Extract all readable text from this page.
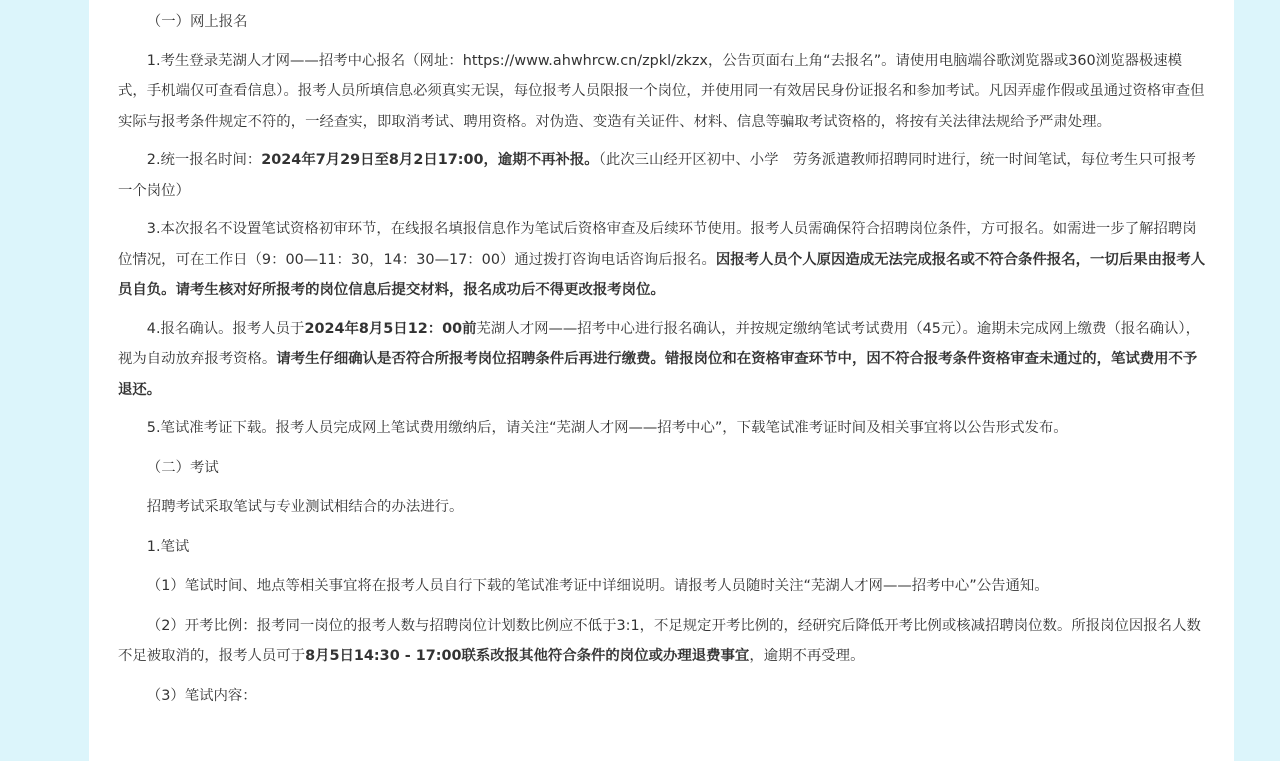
（一）网上报名

1.考生登录芜湖人才网——招考中心报名（网址：https://www.ahwhrcw.cn/zpkl/zkzx，公告页面右上角“去报名”。请使用电脑端谷歌浏览器或360浏览器极速模式，手机端仅可查看信息）。报考人员所填信息必须真实无误，每位报考人员限报一个岗位，并使用同一有效居民身份证报名和参加考试。凡因弄虚作假或虽通过资格审查但实际与报考条件规定不符的，一经查实，即取消考试、聘用资格。对伪造、变造有关证件、材料、信息等骗取考试资格的，将按有关法律法规给予严肃处理。

2.统一报名时间：2024年7月29日至8月2日17:00，逾期不再补报。（此次三山经开区初中、小学　劳务派遣教师招聘同时进行，统一时间笔试，每位考生只可报考一个岗位）

3.本次报名不设置笔试资格初审环节，在线报名填报信息作为笔试后资格审查及后续环节使用。报考人员需确保符合招聘岗位条件，方可报名。如需进一步了解招聘岗位情况，可在工作日（9：00—11：30，14：30—17：00）通过拨打咨询电话咨询后报名。因报考人员个人原因造成无法完成报名或不符合条件报名，一切后果由报考人员自负。请考生核对好所报考的岗位信息后提交材料，报名成功后不得更改报考岗位。

4.报名确认。报考人员于2024年8月5日12：00前芜湖人才网——招考中心进行报名确认，并按规定缴纳笔试考试费用（45元）。逾期未完成网上缴费（报名确认），视为自动放弃报考资格。请考生仔细确认是否符合所报考岗位招聘条件后再进行缴费。错报岗位和在资格审查环节中，因不符合报考条件资格审查未通过的，笔试费用不予退还。

5.笔试准考证下载。报考人员完成网上笔试费用缴纳后，请关注“芜湖人才网——招考中心”，下载笔试准考证时间及相关事宜将以公告形式发布。

（二）考试

招聘考试采取笔试与专业测试相结合的办法进行。

1.笔试

（1）笔试时间、地点等相关事宜将在报考人员自行下载的笔试准考证中详细说明。请报考人员随时关注“芜湖人才网——招考中心”公告通知。

（2）开考比例：报考同一岗位的报考人数与招聘岗位计划数比例应不低于3:1，不足规定开考比例的，经研究后降低开考比例或核减招聘岗位数。所报岗位因报名人数不足被取消的，报考人员可于8月5日14:30 - 17:00联系改报其他符合条件的岗位或办理退费事宜，逾期不再受理。

（3）笔试内容：
